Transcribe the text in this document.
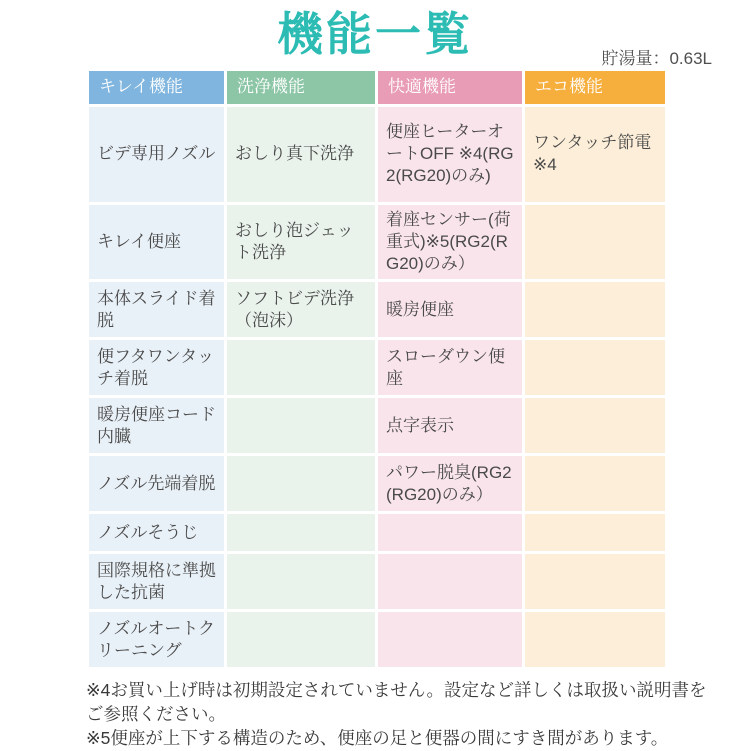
機能一覧	貯湯量：0.63L
キレイ機能	洗浄機能	快適機能	エコ機能
ビデ専用ノズル	おしり真下洗浄	便座ヒーターオートOFF ※4(RG2(RG20)のみ)	ワンタッチ節電 ※4
キレイ便座	おしり泡ジェット洗浄	着座センサー(荷重式)※5(RG2(RG20)のみ）	
本体スライド着脱	ソフトビデ洗浄（泡沫）	暖房便座	
便フタワンタッチ着脱		スローダウン便座	
暖房便座コード内臓		点字表示	
ノズル先端着脱		パワー脱臭(RG2(RG20)のみ）	
ノズルそうじ			
国際規格に準拠した抗菌			
ノズルオートクリーニング			

※4お買い上げ時は初期設定されていません。設定など詳しくは取扱い説明書をご参照ください。

※5便座が上下する構造のため、便座の足と便器の間にすき間があります。
